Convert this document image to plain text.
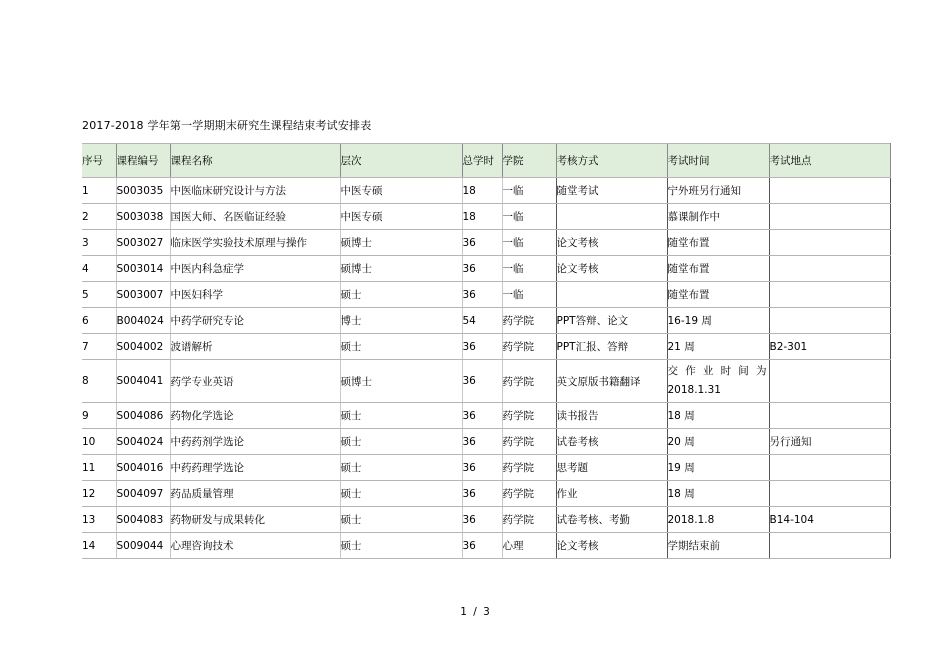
2017-2018 学年第一学期期末研究生课程结束考试安排表
序号	课程编号	课程名称	层次	总学时	学院	考核方式	考试时间	考试地点
1	S003035	中医临床研究设计与方法	中医专硕	18	一临	随堂考试	宁外班另行通知	
2	S003038	国医大师、名医临证经验	中医专硕	18	一临		慕课制作中	
3	S003027	临床医学实验技术原理与操作	硕博士	36	一临	论文考核	随堂布置	
4	S003014	中医内科急症学	硕博士	36	一临	论文考核	随堂布置	
5	S003007	中医妇科学	硕士	36	一临		随堂布置	
6	B004024	中药学研究专论	博士	54	药学院	PPT答辩、论文	16-19 周	
7	S004002	波谱解析	硕士	36	药学院	PPT汇报、答辩	21 周	B2-301
8	S004041	药学专业英语	硕博士	36	药学院	英文原版书籍翻译	交 作 业 时 间 为
2018.1.31	

9	S004086	药物化学选论	硕士	36	药学院	读书报告	18 周	
10	S004024	中药药剂学选论	硕士	36	药学院	试卷考核	20 周	另行通知
11	S004016	中药药理学选论	硕士	36	药学院	思考题	19 周	
12	S004097	药品质量管理	硕士	36	药学院	作业	18 周	
13	S004083	药物研发与成果转化	硕士	36	药学院	试卷考核、考勤	2018.1.8	B14-104
14	S009044	心理咨询技术	硕士	36	心理	论文考核	学期结束前	
1 / 3
